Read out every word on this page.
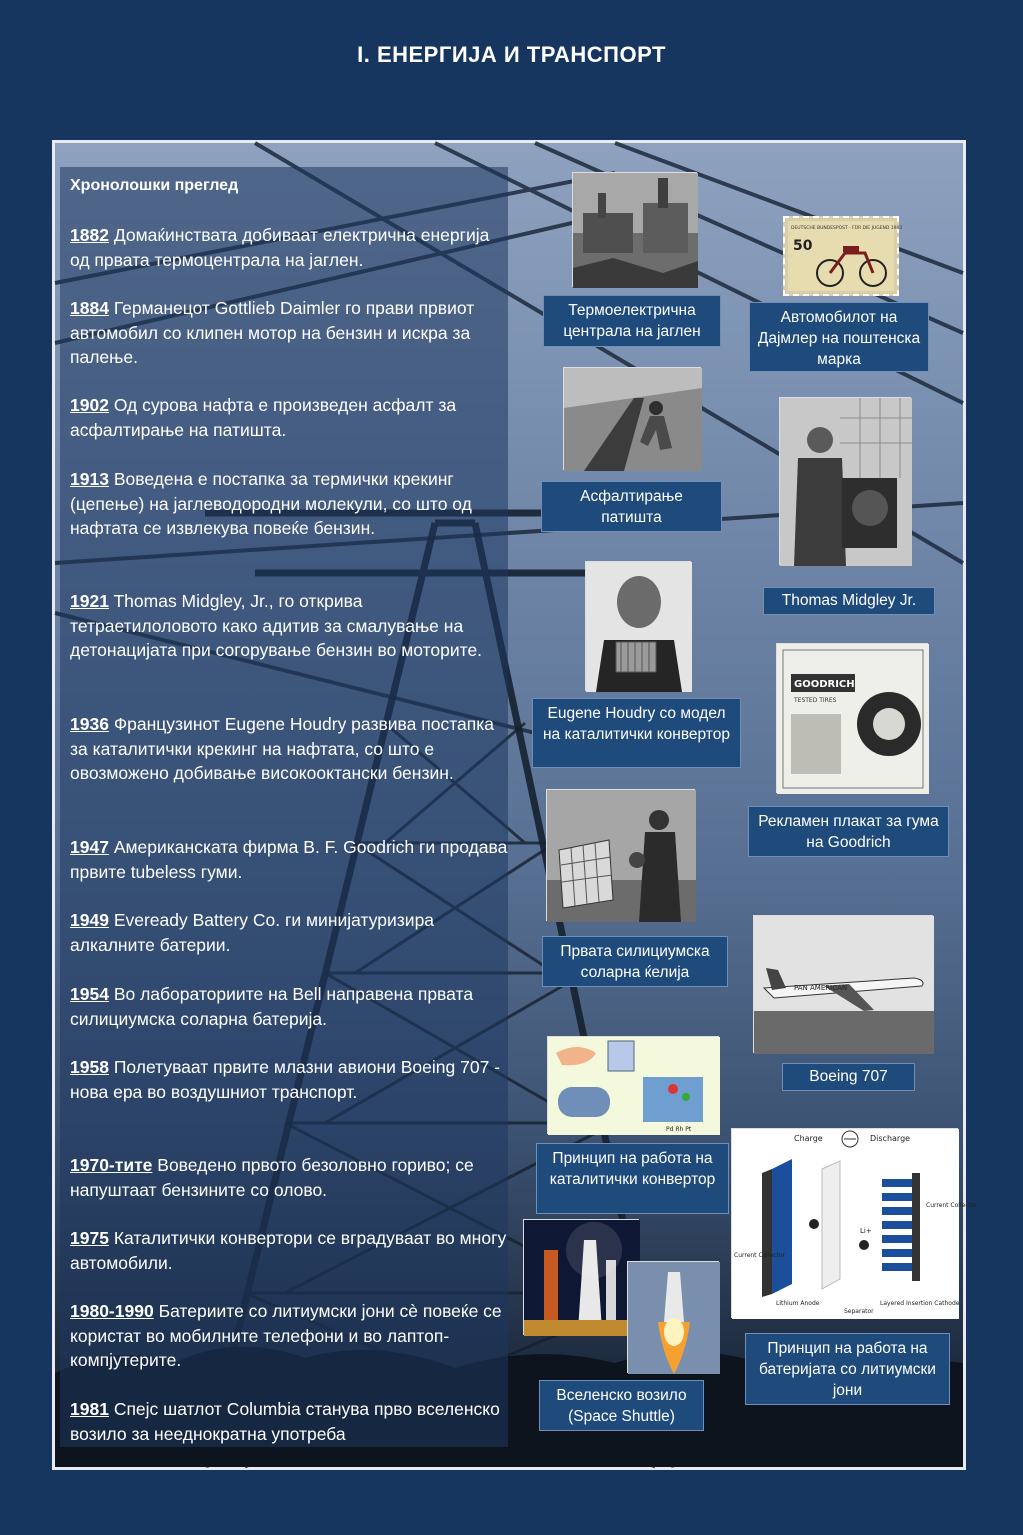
I. ЕНЕРГИЈА И ТРАНСПОРТ
Хронолошки преглед
1882 Домаќинствата добиваат електрична енергија од првата термоцентрала на јаглен.
1884 Германецот Gottlieb Daimler го прави првиот автомобил со клипен мотор на бензин и искра за палење.
1902 Од сурова нафта е произведен асфалт за асфалтирање на патишта.
1913 Воведена е постапка за термички крекинг (цепење) на јаглеводородни молекули, со што од нафтата се извлекува повеќе бензин.
1921 Thomas Midgley, Jr., го открива тетраетилоловото како адитив за смалување на детонацијата при согорување бензин во моторите.
1936 Французинот Eugene Houdry развива постапка за каталитички крекинг на нафтата, со што е овозможено добивање високооктански бензин.
1947 Американската фирма B. F. Goodrich ги продава првите tubeless гуми.
1949 Eveready Battery Co. ги минијатуризира алкалните батерии.
1954 Во лабораториите на Bell направена првата силициумска соларна батерија.
1958 Полетуваат првите млазни авиони Boeing 707 - нова ера во воздушниот транспорт.
1970-тите Воведено првото безоловно гориво; се напуштаат бензините со олово.
1975 Каталитички конвертори се вградуваат во многу автомобили.
1980-1990 Батериите со литиумски јони сè повеќе се користат во мобилните телефони и во лаптоп-компјутерите.
1981 Спејс шатлот Columbia станува прво вселенско возило за нееднократна употреба
Термоелектрична централа на јаглен
50
DEUTSCHE BUNDESPOST · FÜR DIE JUGEND 1983
Автомобилот на Дајмлер на поштенска марка
Асфалтирање патишта
Thomas Midgley Jr.
Eugene Houdry со модел на каталитички конвертор
GOODRICH
TESTED TIRES
Рекламен плакат за гума на Goodrich
Првата силициумска соларна ќелија
PAN AMERICAN
Boeing 707
Pd Rh Pt
Принцип на работа на каталитички конвертор
Charge	Discharge
Li+
Current Collector
Current Collector
Lithium Anode
Separator
Layered Insertion Cathode
Принцип на работа на батеријата со литиумски јони
Вселенско возило (Space Shuttle)
